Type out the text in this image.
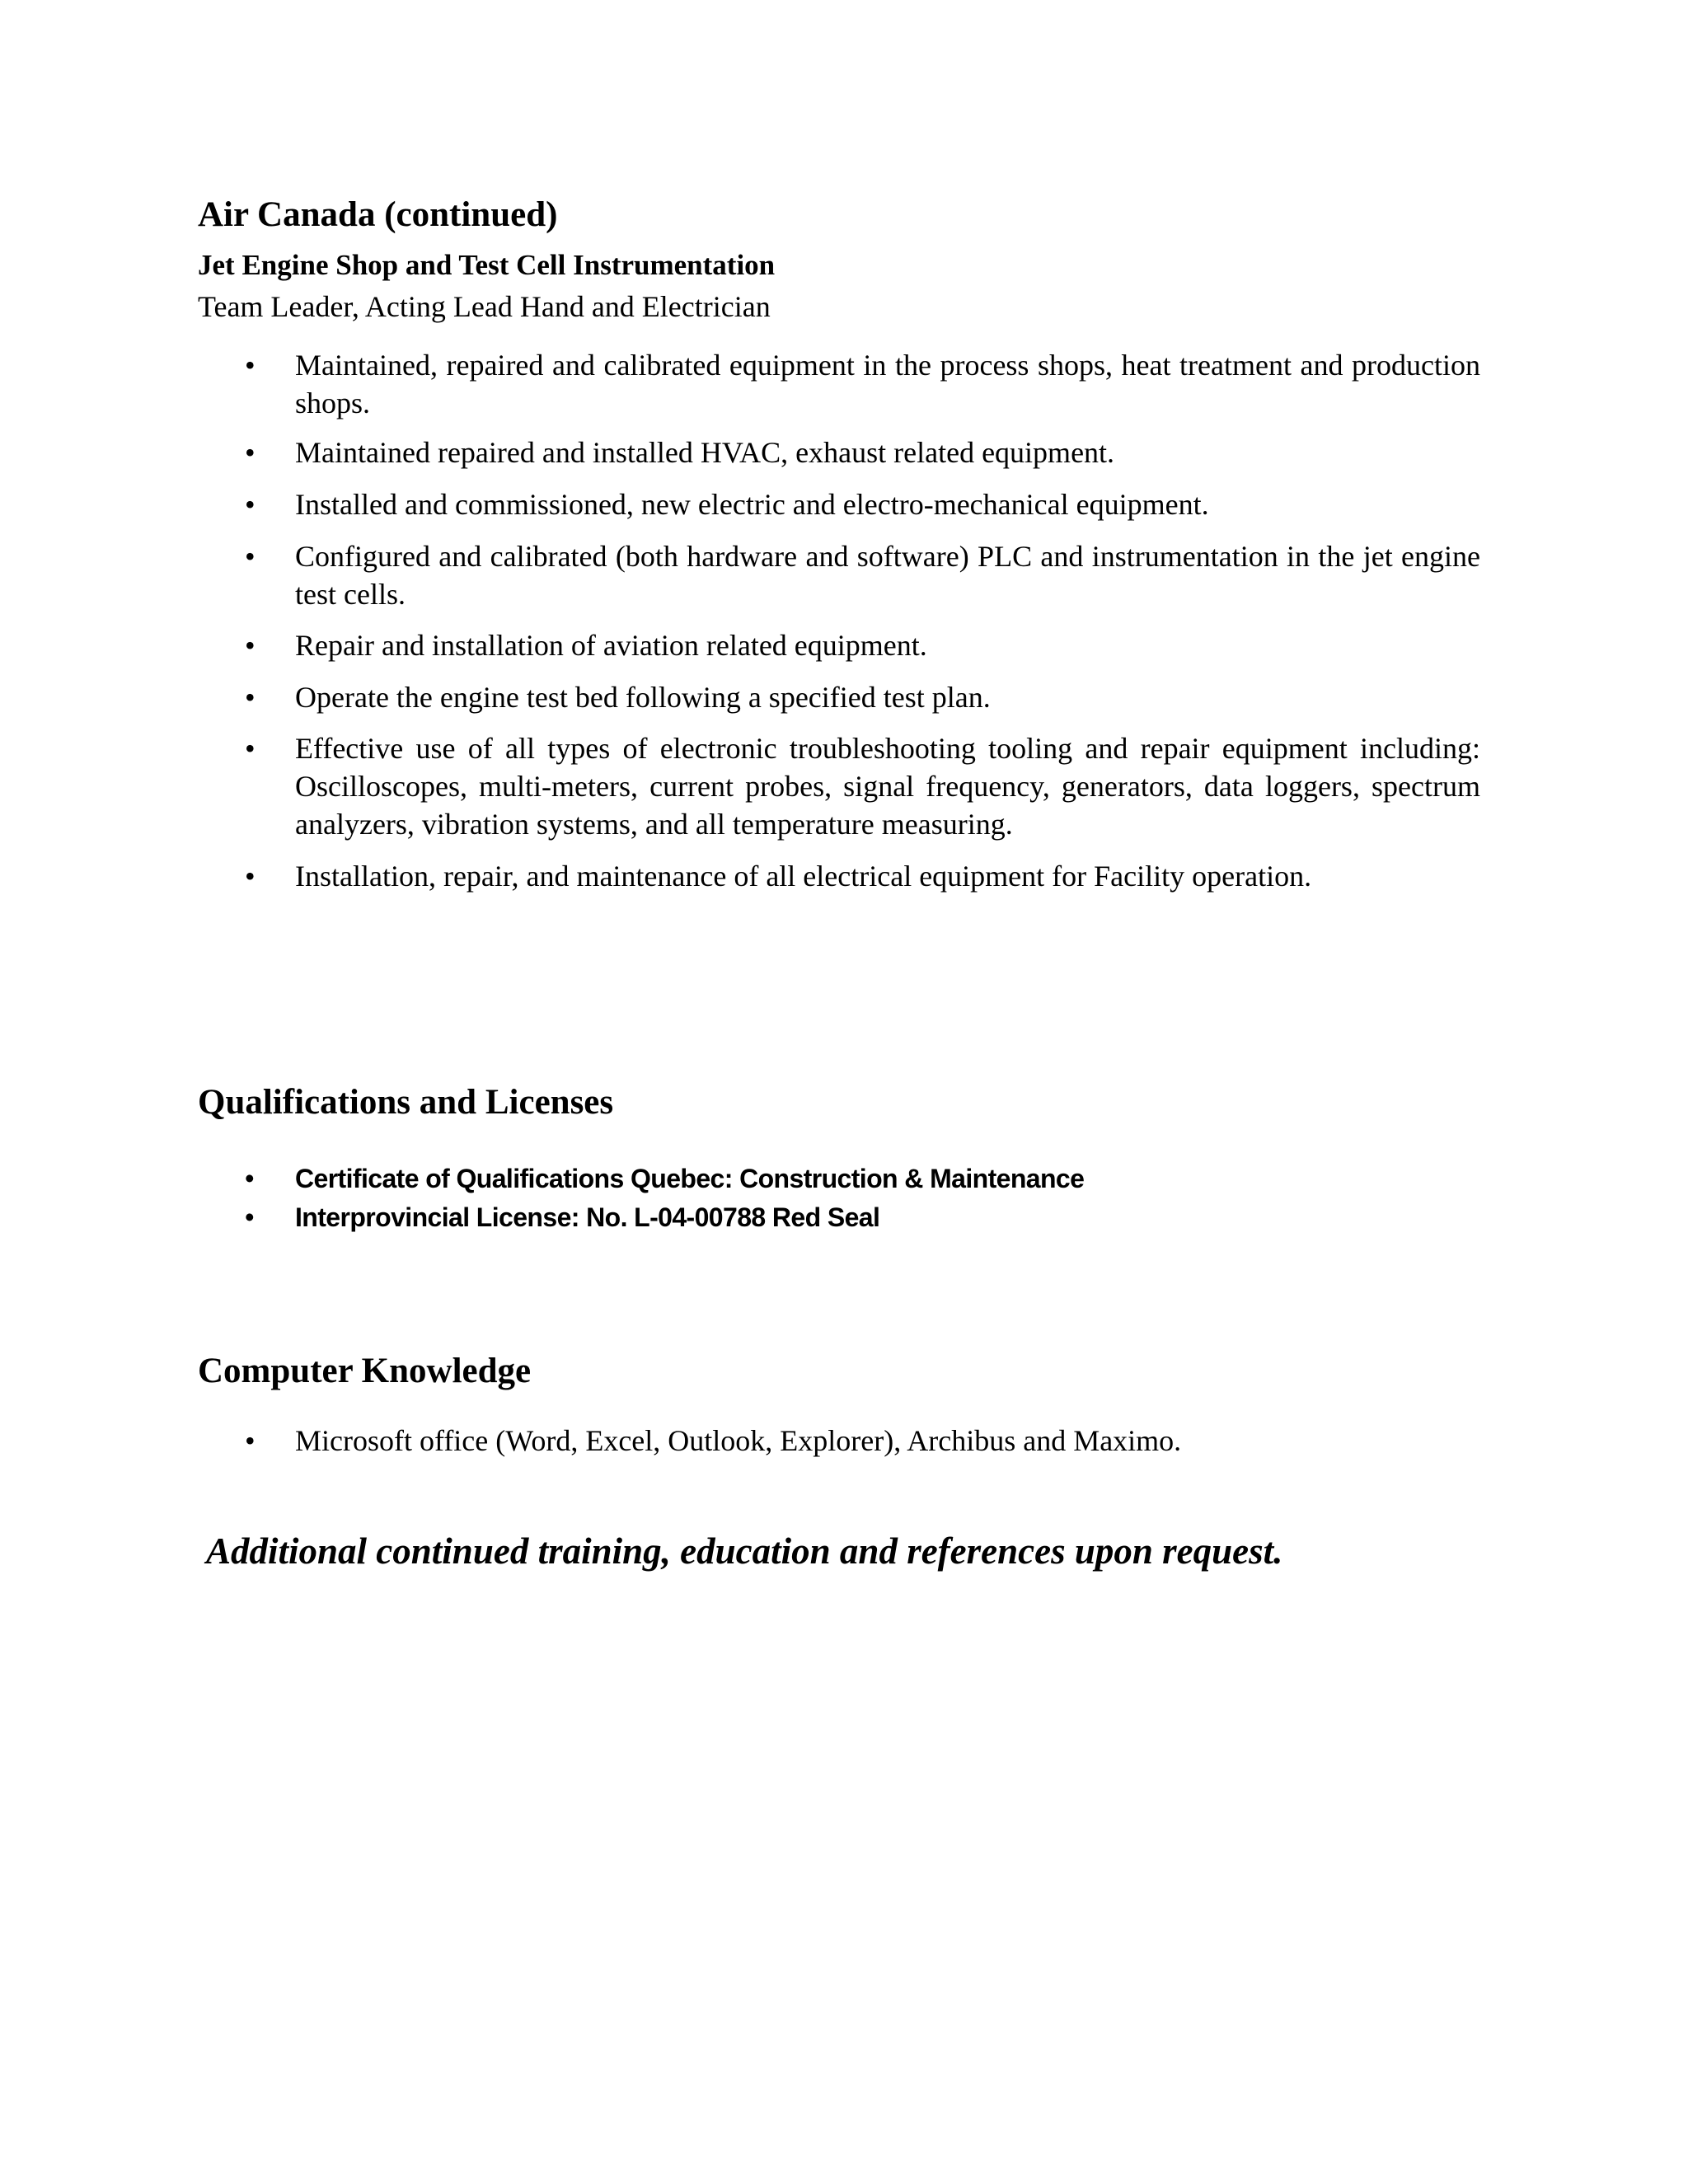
Air Canada (continued)
Jet Engine Shop and Test Cell Instrumentation
Team Leader, Acting Lead Hand and Electrician
• Maintained, repaired and calibrated equipment in the process shops, heat treatment and production shops.
• Maintained repaired and installed HVAC, exhaust related equipment.
• Installed and commissioned, new electric and electro-mechanical equipment.
• Configured and calibrated (both hardware and software) PLC and instrumentation in the jet engine test cells.
• Repair and installation of aviation related equipment.
• Operate the engine test bed following a specified test plan.
• Effective use of all types of electronic troubleshooting tooling and repair equipment including: Oscilloscopes, multi-meters, current probes, signal frequency, generators, data loggers, spectrum analyzers, vibration systems, and all temperature measuring.
• Installation, repair, and maintenance of all electrical equipment for Facility operation.
Qualifications and Licenses
• Certificate of Qualifications Quebec: Construction & Maintenance
• Interprovincial License: No. L-04-00788 Red Seal
Computer Knowledge
• Microsoft office (Word, Excel, Outlook, Explorer), Archibus and Maximo.
Additional continued training, education and references upon request.
